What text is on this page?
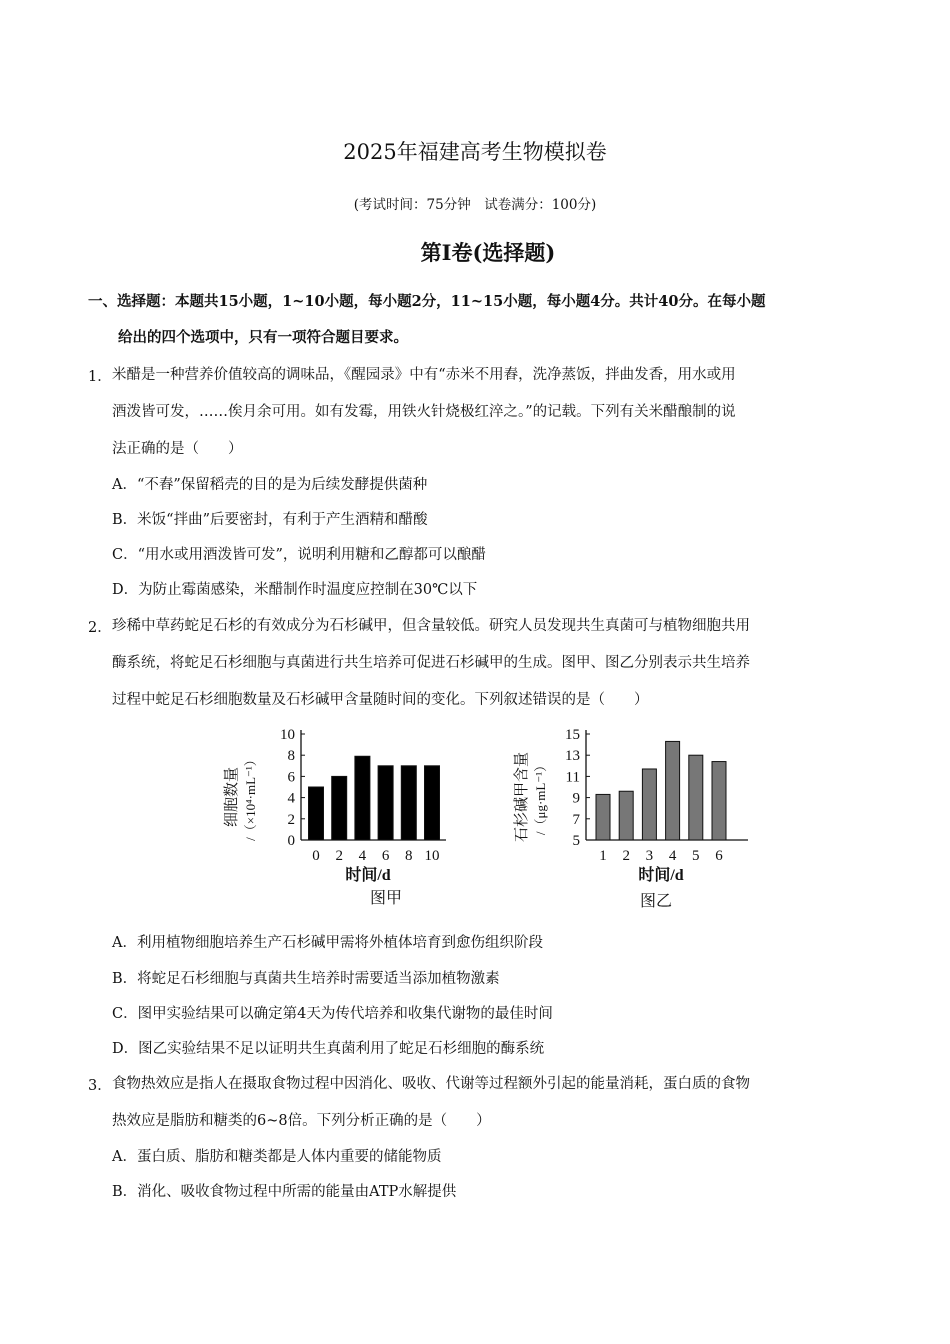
2025年福建高考生物模拟卷
(考试时间：75分钟　试卷满分：100分)
第I卷(选择题)
一、选择题：本题共15小题，1~10小题，每小题2分，11~15小题，每小题4分。共计40分。在每小题
给出的四个选项中，只有一项符合题目要求。
1． 米醋是一种营养价值较高的调味品，《醒园录》中有“赤米不用舂，洗净蒸饭，拌曲发香，用水或用
酒泼皆可发，……俟月余可用。如有发霉，用铁火针烧极红淬之。”的记载。下列有关米醋酿制的说
法正确的是（　　）
A．“不舂”保留稻壳的目的是为后续发酵提供菌种
B．米饭“拌曲”后要密封，有利于产生酒精和醋酸
C．“用水或用酒泼皆可发”，说明利用糖和乙醇都可以酿醋
D．为防止霉菌感染，米醋制作时温度应控制在30℃以下
2． 珍稀中草药蛇足石杉的有效成分为石杉碱甲，但含量较低。研究人员发现共生真菌可与植物细胞共用
酶系统，将蛇足石杉细胞与真菌进行共生培养可促进石杉碱甲的生成。图甲、图乙分别表示共生培养
过程中蛇足石杉细胞数量及石杉碱甲含量随时间的变化。下列叙述错误的是（　　）
细胞数量 /（×10⁴·mL⁻¹）
0
2
4
6
8
10
0 2 4 6 8 10
时间/d
图甲
石杉碱甲含量 /（μg·mL⁻¹）
5
7
9
11
13
15
1 2 3 4 5 6
时间/d
图乙
A．利用植物细胞培养生产石杉碱甲需将外植体培育到愈伤组织阶段
B．将蛇足石杉细胞与真菌共生培养时需要适当添加植物激素
C．图甲实验结果可以确定第4天为传代培养和收集代谢物的最佳时间
D．图乙实验结果不足以证明共生真菌利用了蛇足石杉细胞的酶系统
3． 食物热效应是指人在摄取食物过程中因消化、吸收、代谢等过程额外引起的能量消耗，蛋白质的食物
热效应是脂肪和糖类的6~8倍。下列分析正确的是（　　）
A．蛋白质、脂肪和糖类都是人体内重要的储能物质
B．消化、吸收食物过程中所需的能量由ATP水解提供
